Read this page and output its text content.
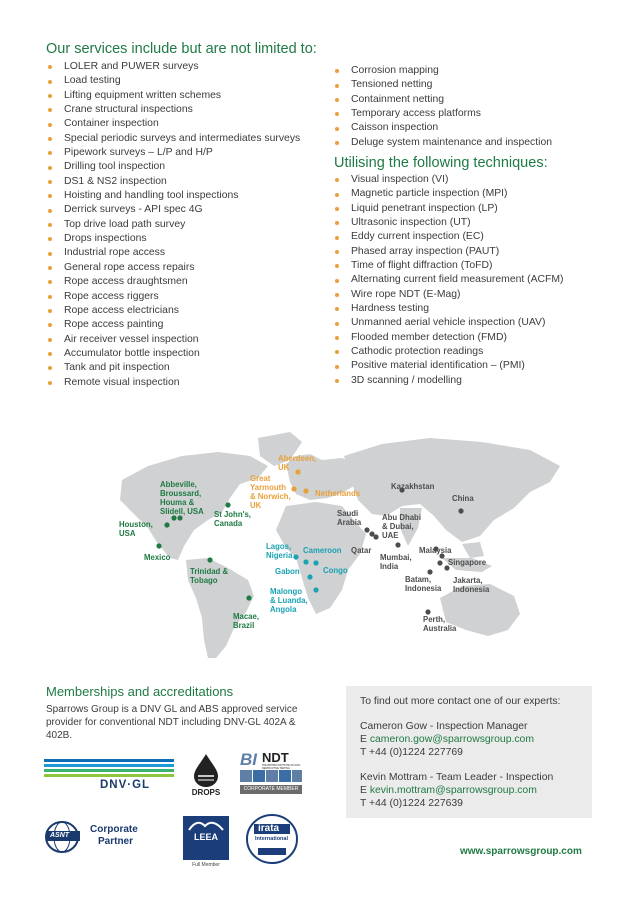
Our services include but are not limited to:
LOLER and PUWER surveys
Load testing
Lifting equipment written schemes
Crane structural inspections
Container inspection
Special periodic surveys and intermediates surveys
Pipework surveys – L/P and H/P
Drilling tool inspection
DS1 & NS2 inspection
Hoisting and handling tool inspections
Derrick surveys - API spec 4G
Top drive load path survey
Drops inspections
Industrial rope access
General rope access repairs
Rope access draughtsmen
Rope access riggers
Rope access electricians
Rope access painting
Air receiver vessel inspection
Accumulator bottle inspection
Tank and pit inspection
Remote visual inspection
Corrosion mapping
Tensioned netting
Containment netting
Temporary access platforms
Caisson inspection
Deluge system maintenance and inspection
Utilising the following techniques:
Visual inspection (VI)
Magnetic particle inspection (MPI)
Liquid penetrant inspection (LP)
Ultrasonic inspection (UT)
Eddy current inspection (EC)
Phased array inspection (PAUT)
Time of flight diffraction (ToFD)
Alternating current field measurement (ACFM)
Wire rope NDT (E-Mag)
Hardness testing
Unmanned aerial vehicle inspection (UAV)
Flooded member detection (FMD)
Cathodic protection readings
Positive material identification – (PMI)
3D scanning / modelling
Aberdeen,
UK
Great
Yarmouth
& Norwich,
UK
Netherlands
Abbeville,
Broussard,
Houma &
Slidell, USA St John's,
Canada
Houston,
USA
Mexico
Trinidad &
Tobago
Macae,
Brazil
Lagos,
Nigeria
Cameroon
Gabon	Congo
Malongo
& Luanda,
Angola
Kazakhstan
China
Saudi
Arabia
Abu Dhabi
& Dubai,
UAE
Qatar
Mumbai,
India
Malaysia
Singapore
Batam,
Indonesia
Jakarta,
Indonesia
Perth,
Australia
Memberships and accreditations

Sparrows Group is a DNV GL and ABS approved service provider for conventional NDT including DNV-GL 402A & 402B.

DNV·GL
DROPS
BI NDT
THE BRITISH INSTITUTE OF NON-DESTRUCTIVE TESTING
CORPORATE MEMBER
ASNT
Corporate
Partner	LEEA
Full Member
irata
International
To find out more contact one of our experts:
Cameron Gow - Inspection Manager
E cameron.gow@sparrowsgroup.com
T +44 (0)1224 227769
Kevin Mottram - Team Leader - Inspection
E kevin.mottram@sparrowsgroup.com
T +44 (0)1224 227639
www.sparrowsgroup.com
